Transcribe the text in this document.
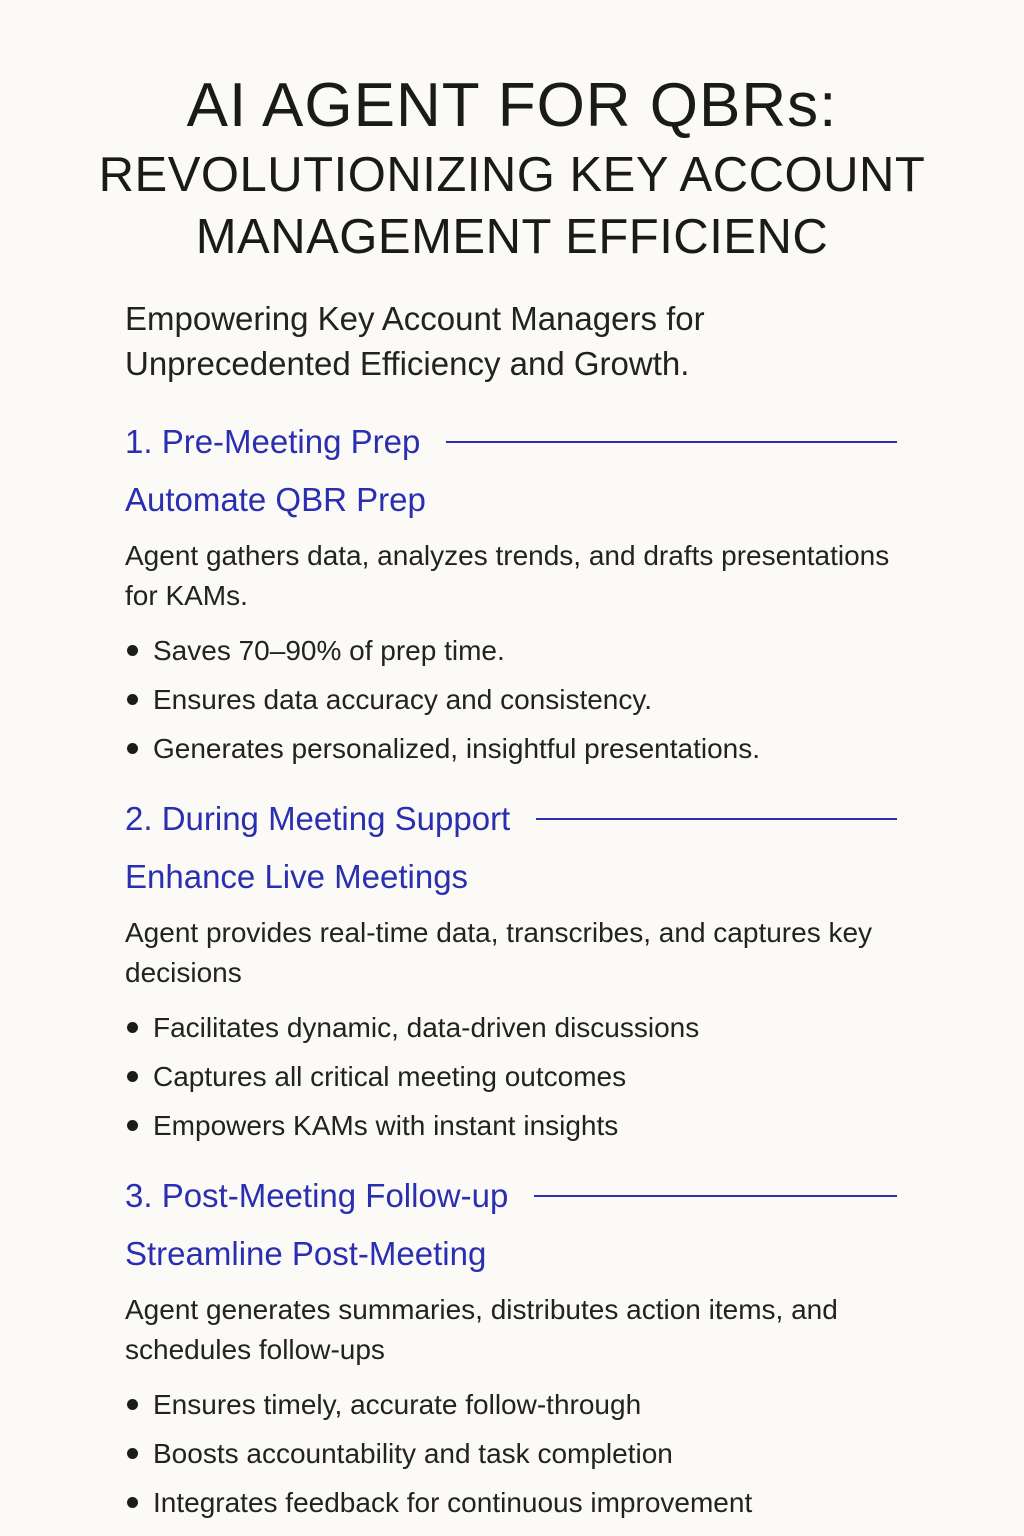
AI AGENT FOR QBRs:

REVOLUTIONIZING KEY ACCOUNT

MANAGEMENT EFFICIENC

Empowering Key Account Managers for
Unprecedented Efficiency and Growth.
1. Pre-Meeting Prep
Automate QBR Prep

Agent gathers data, analyzes trends, and drafts presentations for KAMs.

Saves 70–90% of prep time.
Ensures data accuracy and consistency.
Generates personalized, insightful presentations.
2. During Meeting Support
Enhance Live Meetings

Agent provides real-time data, transcribes, and captures key decisions

Facilitates dynamic, data-driven discussions
Captures all critical meeting outcomes
Empowers KAMs with instant insights
3. Post-Meeting Follow-up
Streamline Post-Meeting

Agent generates summaries, distributes action items, and schedules follow-ups

Ensures timely, accurate follow-through
Boosts accountability and task completion
Integrates feedback for continuous improvement
